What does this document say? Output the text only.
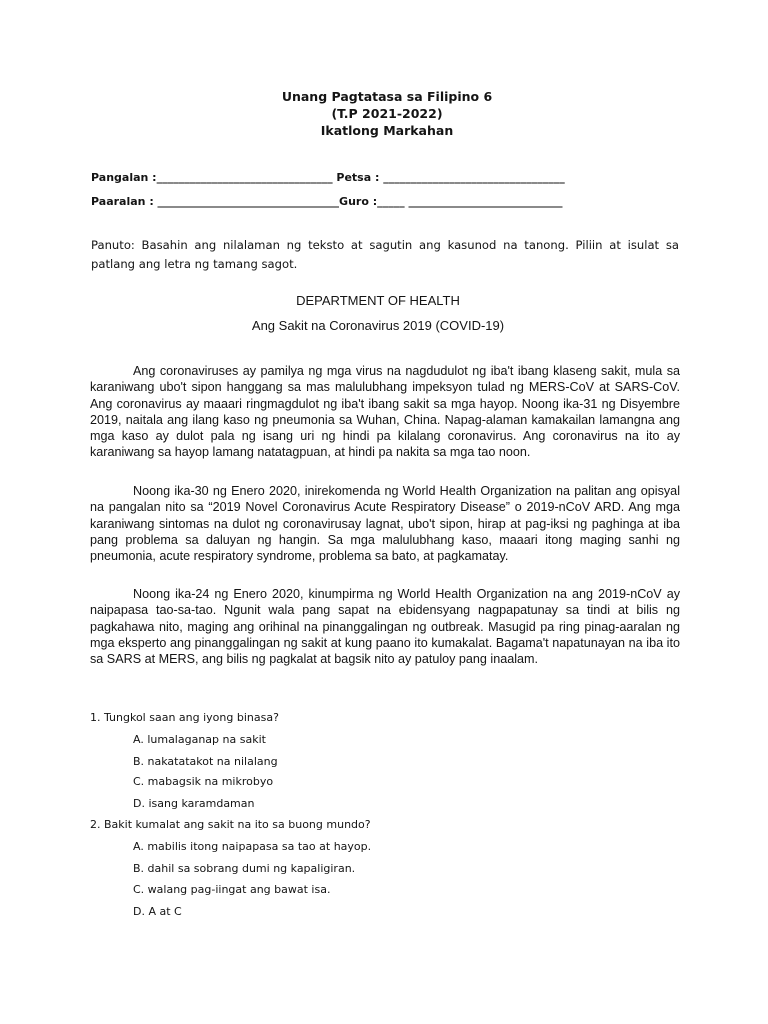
Unang Pagtatasa sa Filipino 6
(T.P 2021-2022)
Ikatlong Markahan
Pangalan :________________________________ Petsa : _________________________________
Paaralan : _________________________________Guro :_____ ____________________________
Panuto: Basahin ang nilalaman ng teksto at sagutin ang kasunod na tanong. Piliin at isulat sa patlang ang letra ng tamang sagot.
DEPARTMENT OF HEALTH
Ang Sakit na Coronavirus 2019 (COVID-19)

Ang coronaviruses ay pamilya ng mga virus na nagdudulot ng iba't ibang klaseng sakit, mula sa karaniwang ubo't sipon hanggang sa mas malulubhang impeksyon tulad ng MERS-CoV at SARS-CoV. Ang coronavirus ay maaari ringmagdulot ng iba't ibang sakit sa mga hayop. Noong ika-31 ng Disyembre 2019, naitala ang ilang kaso ng pneumonia sa Wuhan, China. Napag-alaman kamakailan lamangna ang mga kaso ay dulot pala ng isang uri ng hindi pa kilalang coronavirus. Ang coronavirus na ito ay karaniwang sa hayop lamang natatagpuan, at hindi pa nakita sa mga tao noon.

Noong ika-30 ng Enero 2020, inirekomenda ng World Health Organization na palitan ang opisyal na pangalan nito sa “2019 Novel Coronavirus Acute Respiratory Disease” o 2019-nCoV ARD. Ang mga karaniwang sintomas na dulot ng coronavirusay lagnat, ubo't sipon, hirap at pag-iksi ng paghinga at iba pang problema sa daluyan ng hangin. Sa mga malulubhang kaso, maaari itong maging sanhi ng pneumonia, acute respiratory syndrome, problema sa bato, at pagkamatay.

Noong ika-24 ng Enero 2020, kinumpirma ng World Health Organization na ang 2019-nCoV ay naipapasa tao-sa-tao. Ngunit wala pang sapat na ebidensyang nagpapatunay sa tindi at bilis ng pagkahawa nito, maging ang orihinal na pinanggalingan ng outbreak. Masugid pa ring pinag-aaralan ng mga eksperto ang pinanggalingan ng sakit at kung paano ito kumakalat. Bagama't napatunayan na iba ito sa SARS at MERS, ang bilis ng pagkalat at bagsik nito ay patuloy pang inaalam.

1. Tungkol saan ang iyong binasa?
A. lumalaganap na sakit
B. nakatatakot na nilalang
C. mabagsik na mikrobyo
D. isang karamdaman
2. Bakit kumalat ang sakit na ito sa buong mundo?
A. mabilis itong naipapasa sa tao at hayop.
B. dahil sa sobrang dumi ng kapaligiran.
C. walang pag-iingat ang bawat isa.
D. A at C
